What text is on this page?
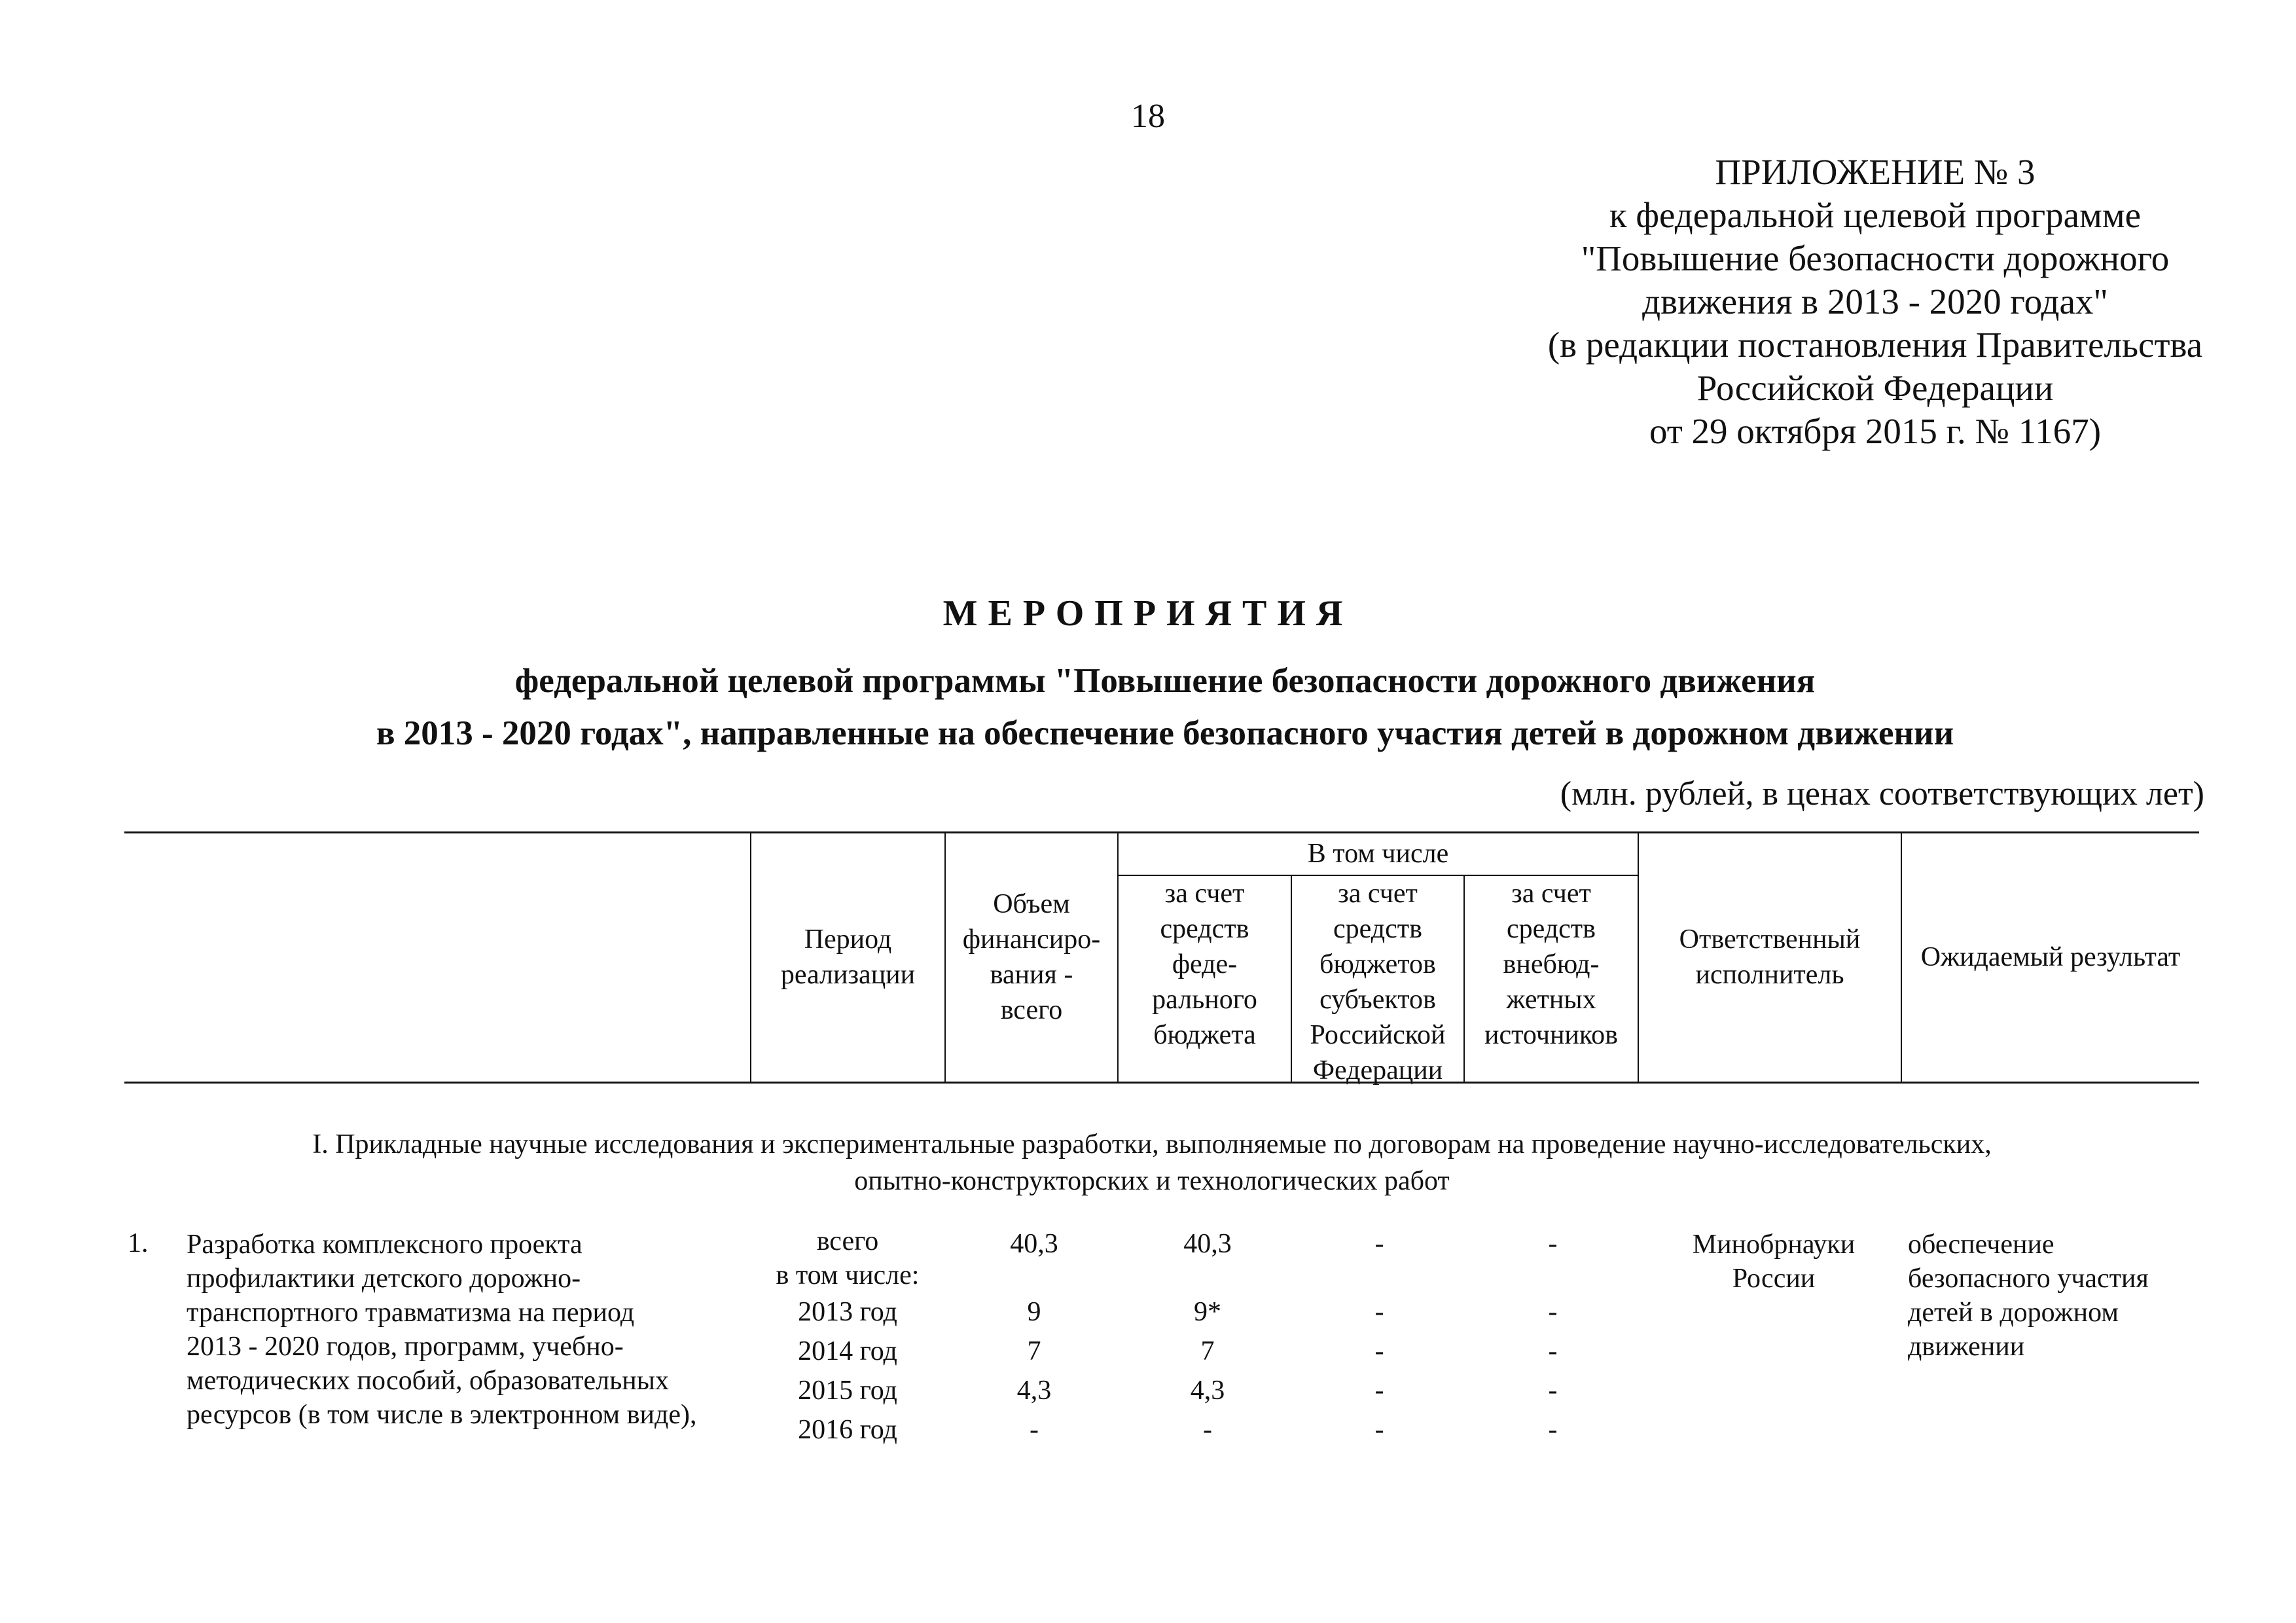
18
ПРИЛОЖЕНИЕ № 3
к федеральной целевой программе
"Повышение безопасности дорожного
движения в 2013 - 2020 годах"
(в редакции постановления Правительства
Российской Федерации
от 29 октября 2015 г. № 1167)
МЕРОПРИЯТИЯ
федеральной целевой программы "Повышение безопасности дорожного движения
в 2013 - 2020 годах", направленные на обеспечение безопасного участия детей в дорожном движении
(млн. рублей, в ценах соответствующих лет)
Период
реализации
Объем
финансиро-
вания -
всего
В том числе
за счет
средств
феде-
рального
бюджета
за счет
средств
бюджетов
субъектов
Российской
Федерации
за счет
средств
внебюд-
жетных
источников
Ответственный
исполнитель
Ожидаемый результат
I. Прикладные научные исследования и экспериментальные разработки, выполняемые по договорам на проведение научно-исследовательских,
опытно-конструкторских и технологических работ
1. Разработка комплексного проекта
профилактики детского дорожно-
транспортного травматизма на период
2013 - 2020 годов, программ, учебно-
методических пособий, образовательных
ресурсов (в том числе в электронном виде),
всего
в том числе:
2013 год
2014 год
2015 год
2016 год
40,3
9
7
4,3
-
40,3
9*
7
4,3
-
-
-
-
-
-
-
-
-
-
-
Минобрнауки
России
обеспечение
безопасного участия
детей в дорожном
движении
